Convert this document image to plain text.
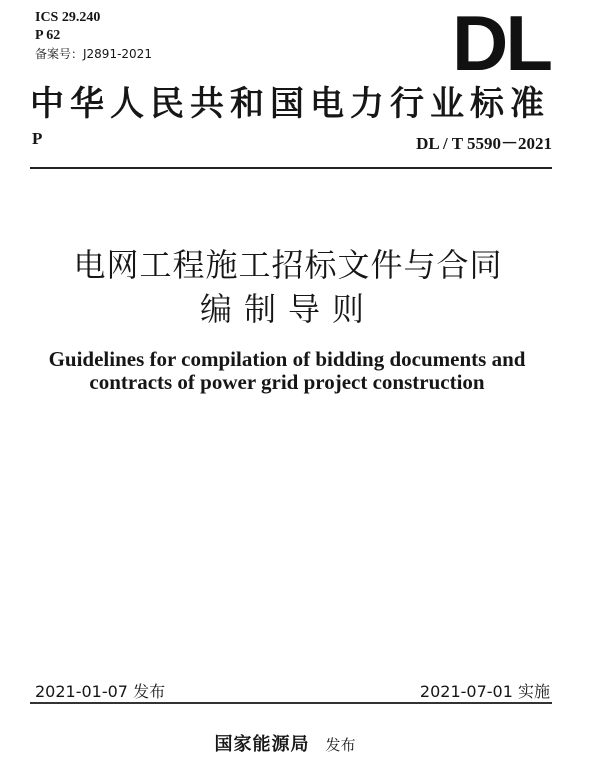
ICS 29.240
P 62
备案号：J2891-2021	DL
中华人民共和国电力行业标准
P	DL / T 5590－2021
电网工程施工招标文件与合同
编制导则
Guidelines for compilation of bidding documents and
contracts of power grid project construction
2021-01-07 发布	2021-07-01 实施
国家能源局 发布
